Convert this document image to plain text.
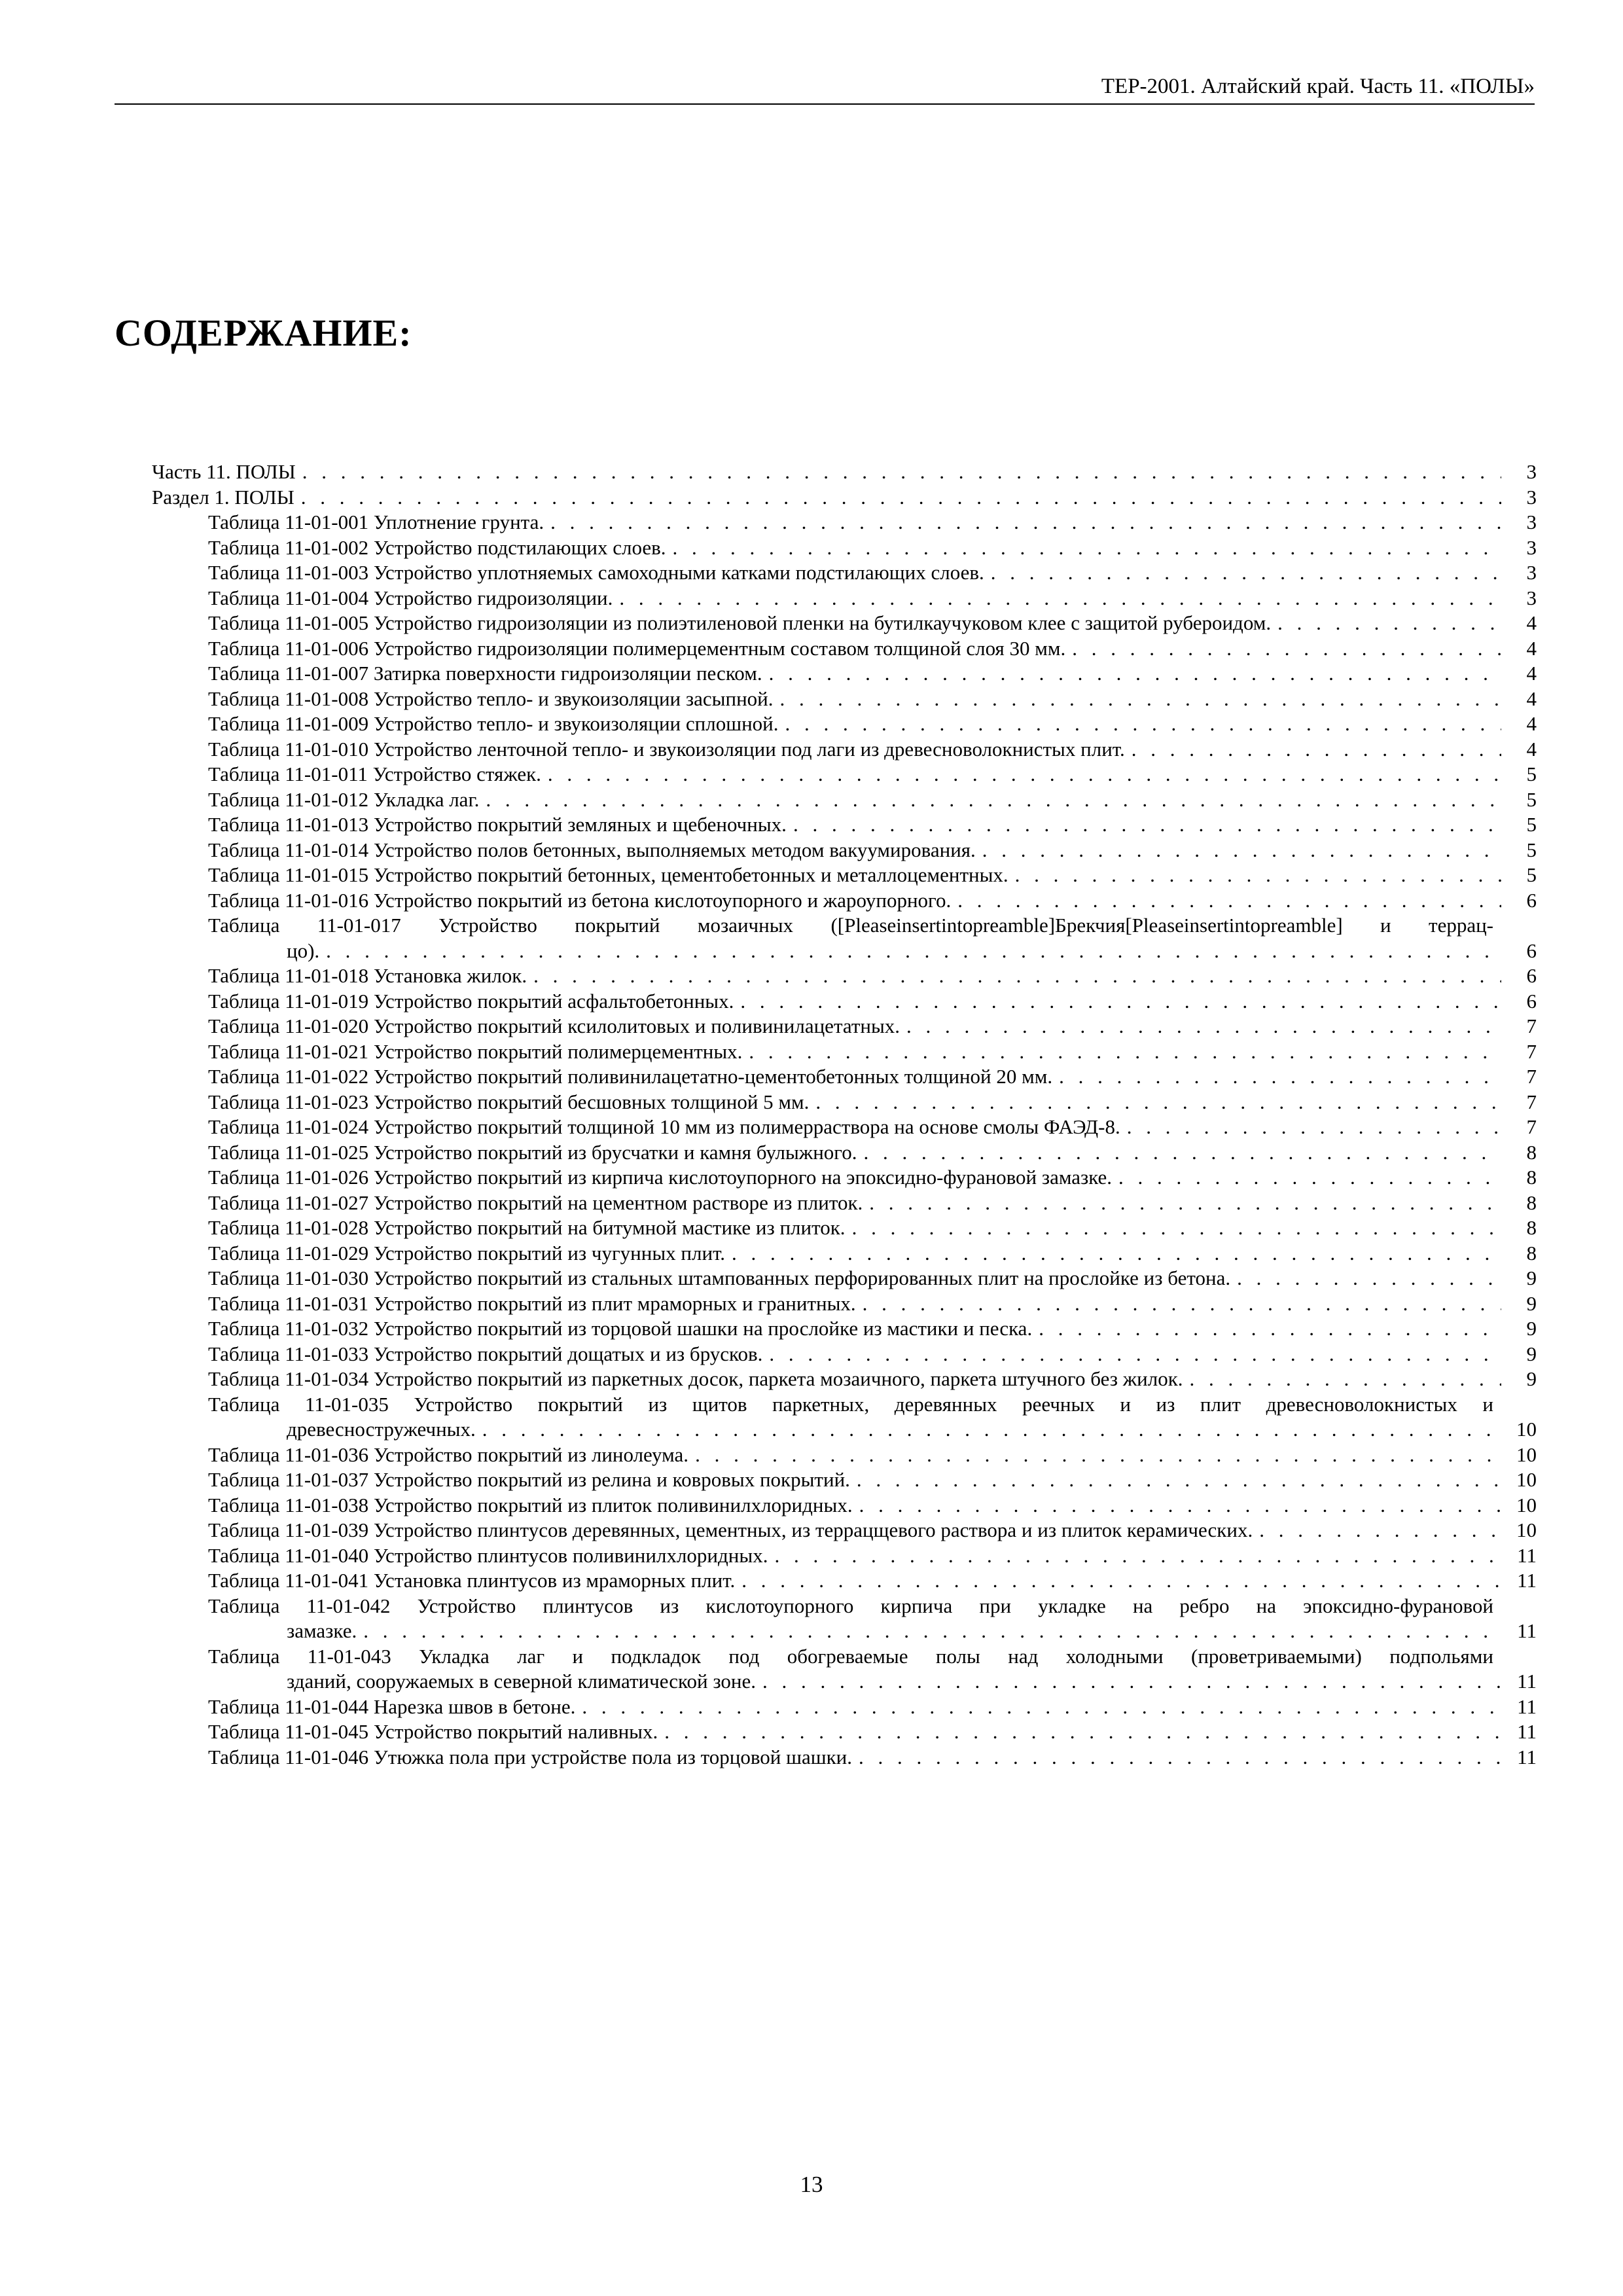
ТЕР-2001. Алтайский край. Часть 11. «ПОЛЫ»
СОДЕРЖАНИЕ:
Часть 11. ПОЛЫ . . .	3
Раздел 1. ПОЛЫ . . .	3
Таблица 11-01-001 Уплотнение грунта. . . .	3
Таблица 11-01-002 Устройство подстилающих слоев. . . .	3
Таблица 11-01-003 Устройство уплотняемых самоходными катками подстилающих слоев. . . .	3
Таблица 11-01-004 Устройство гидроизоляции. . . .	3
Таблица 11-01-005 Устройство гидроизоляции из полиэтиленовой пленки на бутилкаучуковом клее с защитой рубероидом. . . .	4
Таблица 11-01-006 Устройство гидроизоляции полимерцементным составом толщиной слоя 30 мм. . . .	4
Таблица 11-01-007 Затирка поверхности гидроизоляции песком. . . .	4
Таблица 11-01-008 Устройство тепло- и звукоизоляции засыпной. . . .	4
Таблица 11-01-009 Устройство тепло- и звукоизоляции сплошной. . . .	4
Таблица 11-01-010 Устройство ленточной тепло- и звукоизоляции под лаги из древесноволокнистых плит. . . .	4
Таблица 11-01-011 Устройство стяжек. . . .	5
Таблица 11-01-012 Укладка лаг. . . .	5
Таблица 11-01-013 Устройство покрытий земляных и щебеночных. . . .	5
Таблица 11-01-014 Устройство полов бетонных, выполняемых методом вакуумирования. . . .	5
Таблица 11-01-015 Устройство покрытий бетонных, цементобетонных и металлоцементных. . . .	5
Таблица 11-01-016 Устройство покрытий из бетона кислотоупорного и жароупорного. . . .	6
Таблица 11-01-017 Устройство покрытий мозаичных ([Pleaseinsertintopreamble]Брекчия[Pleaseinsertintopreamble] и террац-
цо). . . .	6
Таблица 11-01-018 Установка жилок. . . .	6
Таблица 11-01-019 Устройство покрытий асфальтобетонных. . . .	6
Таблица 11-01-020 Устройство покрытий ксилолитовых и поливинилацетатных. . . .	7
Таблица 11-01-021 Устройство покрытий полимерцементных. . . .	7
Таблица 11-01-022 Устройство покрытий поливинилацетатно-цементобетонных толщиной 20 мм. . . .	7
Таблица 11-01-023 Устройство покрытий бесшовных толщиной 5 мм. . . .	7
Таблица 11-01-024 Устройство покрытий толщиной 10 мм из полимерраствора на основе смолы ФАЭД-8. . . .	7
Таблица 11-01-025 Устройство покрытий из брусчатки и камня булыжного. . . .	8
Таблица 11-01-026 Устройство покрытий из кирпича кислотоупорного на эпоксидно-фурановой замазке. . . .	8
Таблица 11-01-027 Устройство покрытий на цементном растворе из плиток. . . .	8
Таблица 11-01-028 Устройство покрытий на битумной мастике из плиток. . . .	8
Таблица 11-01-029 Устройство покрытий из чугунных плит. . . .	8
Таблица 11-01-030 Устройство покрытий из стальных штампованных перфорированных плит на прослойке из бетона. . . .	9
Таблица 11-01-031 Устройство покрытий из плит мраморных и гранитных. . . .	9
Таблица 11-01-032 Устройство покрытий из торцовой шашки на прослойке из мастики и песка. . . .	9
Таблица 11-01-033 Устройство покрытий дощатых и из брусков. . . .	9
Таблица 11-01-034 Устройство покрытий из паркетных досок, паркета мозаичного, паркета штучного без жилок. . . .	9
Таблица 11-01-035 Устройство покрытий из щитов паркетных, деревянных реечных и из плит древесноволокнистых и
древесностружечных. . . .	10
Таблица 11-01-036 Устройство покрытий из линолеума. . . .	10
Таблица 11-01-037 Устройство покрытий из релина и ковровых покрытий. . . .	10
Таблица 11-01-038 Устройство покрытий из плиток поливинилхлоридных. . . .	10
Таблица 11-01-039 Устройство плинтусов деревянных, цементных, из террацщевого раствора и из плиток керамических. . . .	10
Таблица 11-01-040 Устройство плинтусов поливинилхлоридных. . . .	11
Таблица 11-01-041 Установка плинтусов из мраморных плит. . . .	11
Таблица 11-01-042 Устройство плинтусов из кислотоупорного кирпича при укладке на ребро на эпоксидно-фурановой
замазке. . . .	11
Таблица 11-01-043 Укладка лаг и подкладок под обогреваемые полы над холодными (проветриваемыми) подпольями
зданий, сооружаемых в северной климатической зоне. . . .	11
Таблица 11-01-044 Нарезка швов в бетоне. . . .	11
Таблица 11-01-045 Устройство покрытий наливных. . . .	11
Таблица 11-01-046 Утюжка пола при устройстве пола из торцовой шашки. . . .	11
13
